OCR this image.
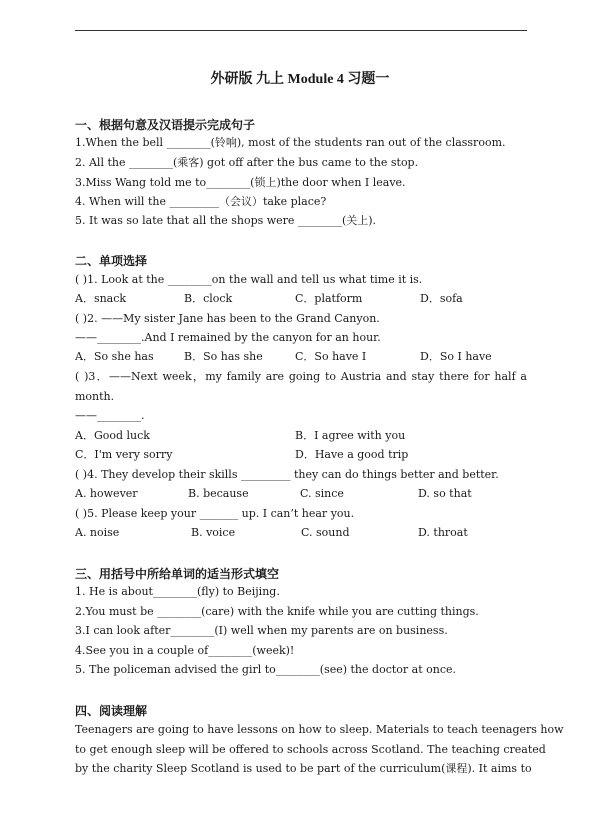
外研版 九上 Module 4 习题一
一、根据句意及汉语提示完成句子
1.When the bell ________(铃响), most of the students ran out of the classroom.
2. All the ________(乘客) got off after the bus came to the stop.
3.Miss Wang told me to________(锁上)the door when I leave.
4. When will the _________（会议）take place?
5. It was so late that all the shops were ________(关上).
二、单项选择
( )1. Look at the ________on the wall and tell us what time it is.
A．snack	B．clock	C．platform	D．sofa
( )2. ——My sister Jane has been to the Grand Canyon.
——________.And I remained by the canyon for an hour.
A．So she has	B．So has she	C．So have I	D．So I have
( )3．——Next week，my family are going to Austria and stay there for half a
month.
——________.
A．Good luck	B．I agree with you
C．I'm very sorry	D．Have a good trip
( )4. They develop their skills _________ they can do things better and better.
A. however	B. because	C. since	D. so that
( )5. Please keep your _______ up. I can’t hear you.
A. noise	B. voice	C. sound	D. throat
三、用括号中所给单词的适当形式填空
1. He is about________(fly) to Beijing.
2.You must be ________(care) with the knife while you are cutting things.
3.I can look after________(I) well when my parents are on business.
4.See you in a couple of________(week)!
5. The policeman advised the girl to________(see) the doctor at once.
四、阅读理解
Teenagers are going to have lessons on how to sleep. Materials to teach teenagers how
to get enough sleep will be offered to schools across Scotland. The teaching created
by the charity Sleep Scotland is used to be part of the curriculum(课程). It aims to
